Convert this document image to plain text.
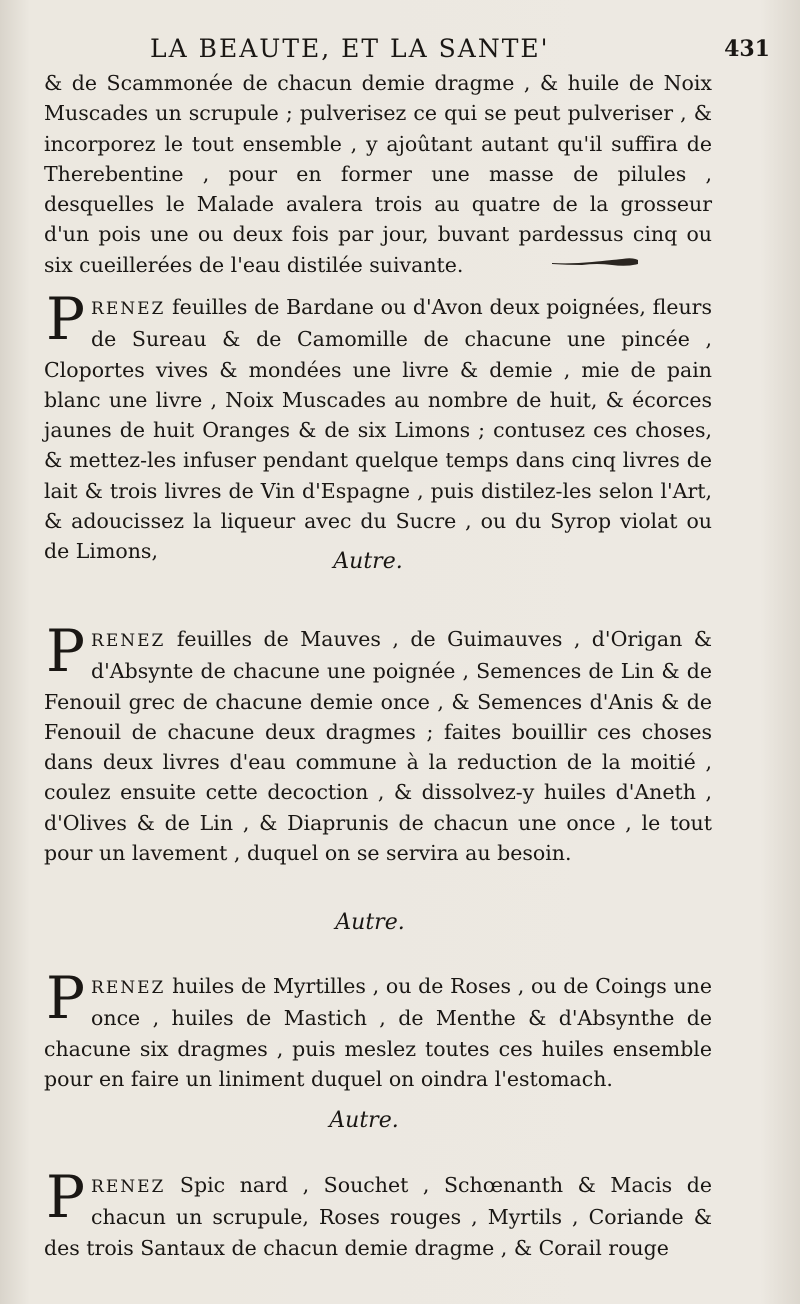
LA BEAUTE, ET LA SANTE'	431

& de Scammonée de chacun demie dragme , & huile de Noix Muscades un scrupule ; pulverisez ce qui se peut pulveriser , & incorporez le tout ensemble , y ajoûtant autant qu'il suffira de Therebentine , pour en former une masse de pilules , desquelles le Malade avalera trois au quatre de la grosseur d'un pois une ou deux fois par jour, buvant pardessus cinq ou six cueillerées de l'eau distilée suivante.

PRENEZ feuilles de Bardane ou d'Avon deux poignées, fleurs de Sureau & de Camomille de chacune une pincée , Cloportes vives & mondées une livre & demie , mie de pain blanc une livre , Noix Muscades au nombre de huit, & écorces jaunes de huit Oranges & de six Limons ; contusez ces choses, & mettez-les infuser pendant quelque temps dans cinq livres de lait & trois livres de Vin d'Espagne , puis distilez-les selon l'Art, & adoucissez la liqueur avec du Sucre , ou du Syrop violat ou de Limons,	Autre.

PRENEZ feuilles de Mauves , de Guimauves , d'Origan & d'Absynte de chacune une poignée , Semences de Lin & de Fenouil grec de chacune demie once , & Semences d'Anis & de Fenouil de chacune deux dragmes ; faites bouillir ces choses dans deux livres d'eau commune à la reduction de la moitié , coulez ensuite cette decoction , & dissolvez-y huiles d'Aneth , d'Olives & de Lin , & Diaprunis de chacun une once , le tout pour un lavement , duquel on se servira au besoin.

Autre.

PRENEZ huiles de Myrtilles , ou de Roses , ou de Coings une once , huiles de Mastich , de Menthe & d'Absynthe de chacune six dragmes , puis meslez toutes ces huiles ensemble pour en faire un liniment duquel on oindra l'estomach.

Autre.

PRENEZ Spic nard , Souchet , Schœnanth & Macis de chacun un scrupule, Roses rouges , Myrtils , Coriande & des trois Santaux de chacun demie dragme , & Corail rouge
